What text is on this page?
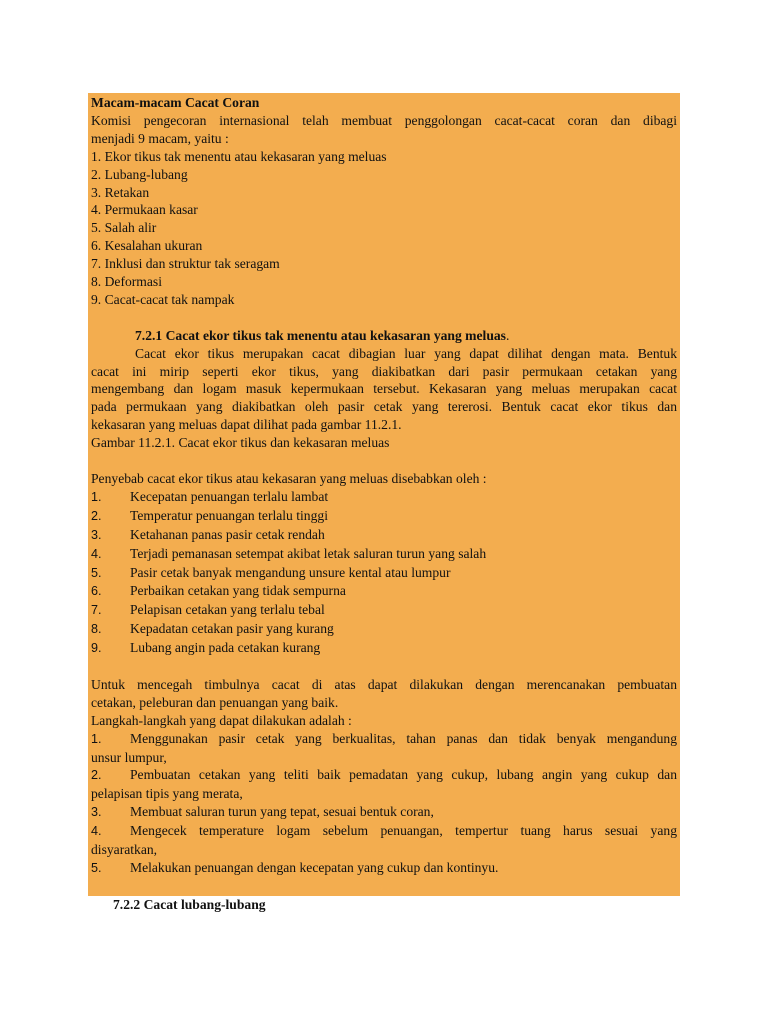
Macam-macam Cacat Coran
Komisi pengecoran internasional telah membuat penggolongan cacat-cacat coran dan dibagi
menjadi 9 macam, yaitu :
1. Ekor tikus tak menentu atau kekasaran yang meluas
2. Lubang-lubang
3. Retakan
4. Permukaan kasar
5. Salah alir
6. Kesalahan ukuran
7. Inklusi dan struktur tak seragam
8. Deformasi
9. Cacat-cacat tak nampak
7.2.1 Cacat ekor tikus tak menentu atau kekasaran yang meluas.
Cacat ekor tikus merupakan cacat dibagian luar yang dapat dilihat dengan mata. Bentuk
cacat ini mirip seperti ekor tikus, yang diakibatkan dari pasir permukaan cetakan yang
mengembang dan logam masuk kepermukaan tersebut. Kekasaran yang meluas merupakan cacat
pada permukaan yang diakibatkan oleh pasir cetak yang tererosi. Bentuk cacat ekor tikus dan
kekasaran yang meluas dapat dilihat pada gambar 11.2.1.
Gambar 11.2.1. Cacat ekor tikus dan kekasaran meluas
Penyebab cacat ekor tikus atau kekasaran yang meluas disebabkan oleh :
1. Kecepatan penuangan terlalu lambat
2. Temperatur penuangan terlalu tinggi
3. Ketahanan panas pasir cetak rendah
4. Terjadi pemanasan setempat akibat letak saluran turun yang salah
5. Pasir cetak banyak mengandung unsure kental atau lumpur
6. Perbaikan cetakan yang tidak sempurna
7. Pelapisan cetakan yang terlalu tebal
8. Kepadatan cetakan pasir yang kurang
9. Lubang angin pada cetakan kurang
Untuk mencegah timbulnya cacat di atas dapat dilakukan dengan merencanakan pembuatan
cetakan, peleburan dan penuangan yang baik.
Langkah-langkah yang dapat dilakukan adalah :
1. Menggunakan pasir cetak yang berkualitas, tahan panas dan tidak benyak mengandung
unsur lumpur,
2. Pembuatan cetakan yang teliti baik pemadatan yang cukup, lubang angin yang cukup dan
pelapisan tipis yang merata,
3. Membuat saluran turun yang tepat, sesuai bentuk coran,
4. Mengecek temperature logam sebelum penuangan, tempertur tuang harus sesuai yang
disyaratkan,
5. Melakukan penuangan dengan kecepatan yang cukup dan kontinyu.
7.2.2 Cacat lubang-lubang
